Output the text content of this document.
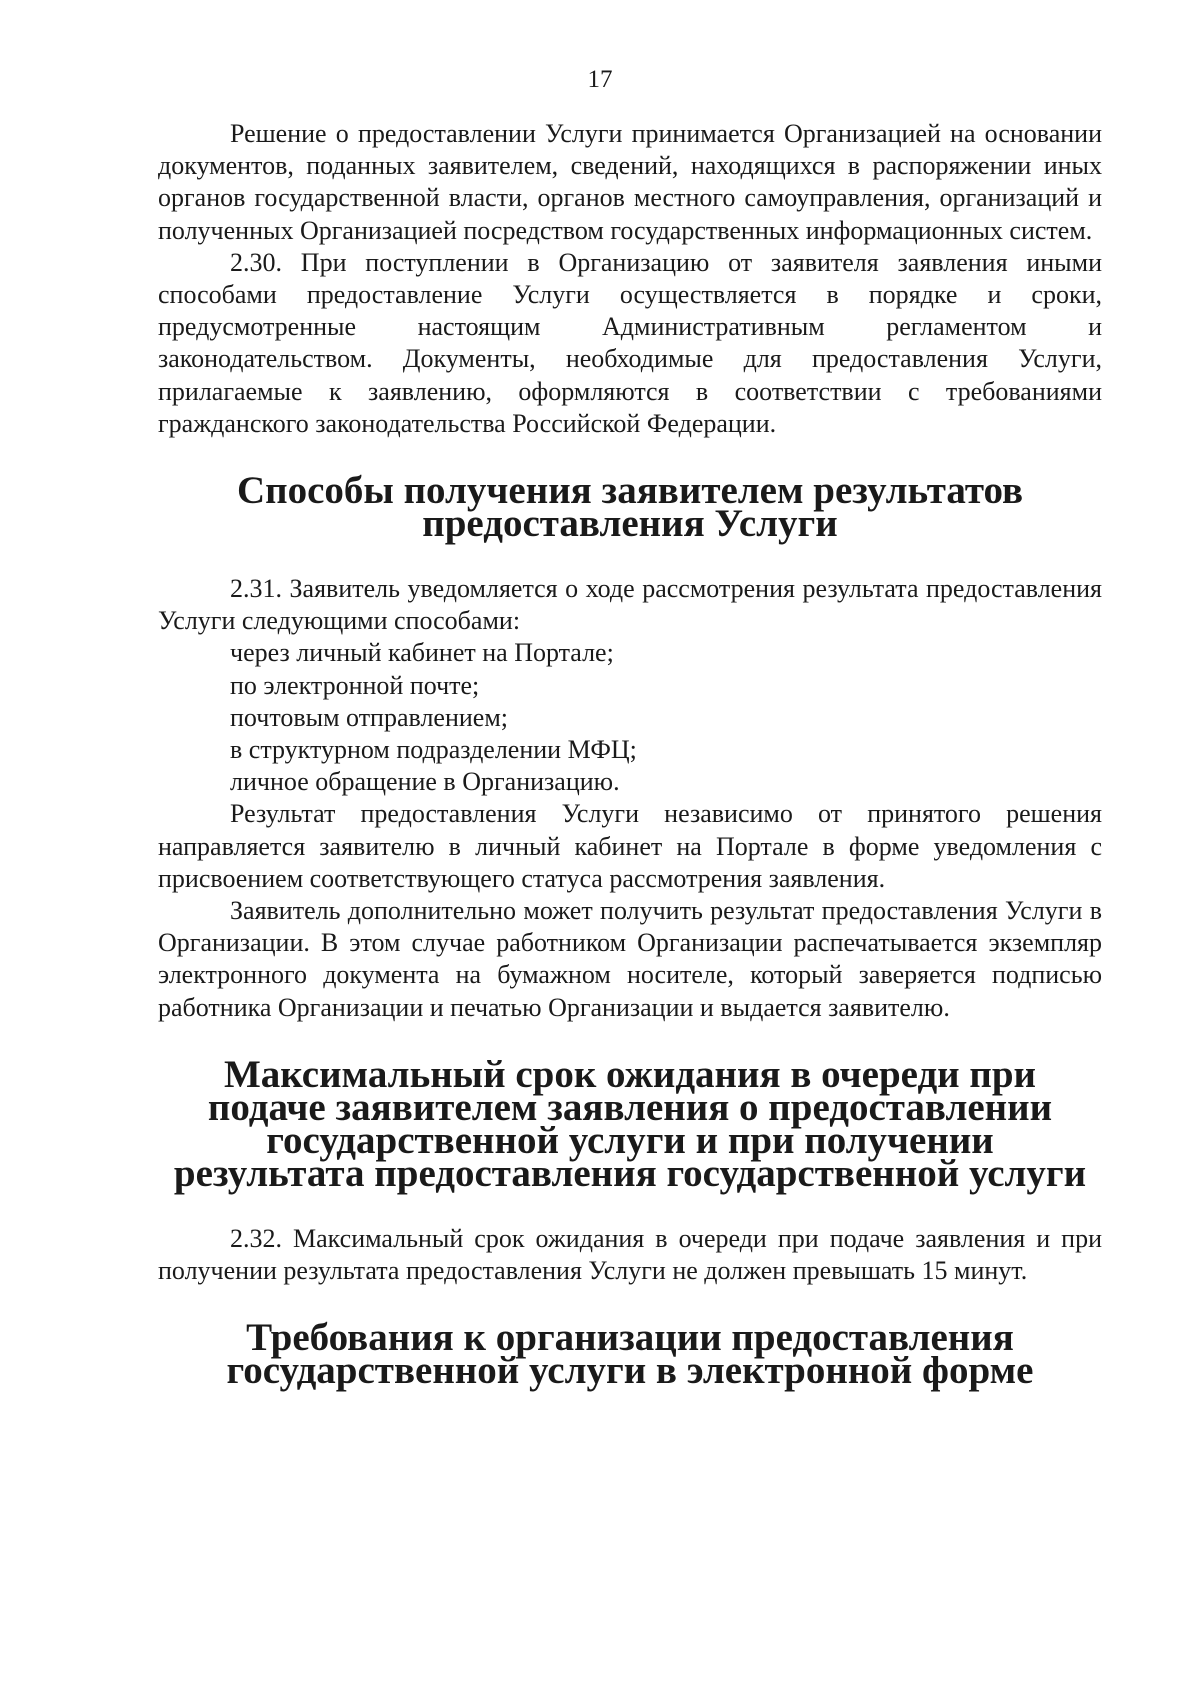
17

Решение о предоставлении Услуги принимается Организацией на основании документов, поданных заявителем, сведений, находящихся в распоряжении иных органов государственной власти, органов местного самоуправления, организаций и полученных Организацией посредством государственных информационных систем.

2.30. При поступлении в Организацию от заявителя заявления иными способами предоставление Услуги осуществляется в порядке и сроки, предусмотренные настоящим Административным регламентом и законодательством. Документы, необходимые для предоставления Услуги, прилагаемые к заявлению, оформляются в соответствии с требованиями гражданского законодательства Российской Федерации.

Способы получения заявителем результатов предоставления Услуги

2.31. Заявитель уведомляется о ходе рассмотрения результата предоставления Услуги следующими способами:

через личный кабинет на Портале;

по электронной почте;

почтовым отправлением;

в структурном подразделении МФЦ;

личное обращение в Организацию.

Результат предоставления Услуги независимо от принятого решения направляется заявителю в личный кабинет на Портале в форме уведомления с присвоением соответствующего статуса рассмотрения заявления.

Заявитель дополнительно может получить результат предоставления Услуги в Организации. В этом случае работником Организации распечатывается экземпляр электронного документа на бумажном носителе, который заверяется подписью работника Организации и печатью Организации и выдается заявителю.

Максимальный срок ожидания в очереди при подаче заявителем заявления о предоставлении государственной услуги и при получении результата предоставления государственной услуги

2.32. Максимальный срок ожидания в очереди при подаче заявления и при получении результата предоставления Услуги не должен превышать 15 минут.

Требования к организации предоставления государственной услуги в электронной форме
